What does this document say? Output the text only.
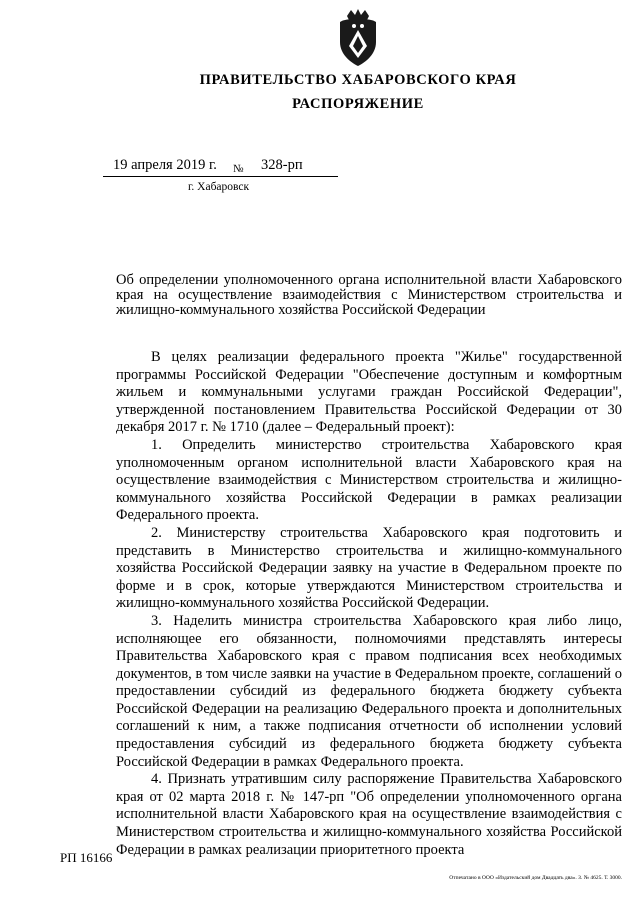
ПРАВИТЕЛЬСТВО ХАБАРОВСКОГО КРАЯ
РАСПОРЯЖЕНИЕ
19 апреля 2019 г. № 328-рп
г. Хабаровск

Об определении уполномоченного органа исполнительной власти Хабаровского края на осуществление взаимодействия с Министерством строительства и жилищно-коммунального хозяйства Российской Федерации

В целях реализации федерального проекта "Жилье" государственной программы Российской Федерации "Обеспечение доступным и комфортным жильем и коммунальными услугами граждан Российской Федерации", утвержденной постановлением Правительства Российской Федерации от 30 декабря 2017 г. № 1710 (далее – Федеральный проект):

1. Определить министерство строительства Хабаровского края уполномоченным органом исполнительной власти Хабаровского края на осуществление взаимодействия с Министерством строительства и жилищно-коммунального хозяйства Российской Федерации в рамках реализации Федерального проекта.

2. Министерству строительства Хабаровского края подготовить и представить в Министерство строительства и жилищно-коммунального хозяйства Российской Федерации заявку на участие в Федеральном проекте по форме и в срок, которые утверждаются Министерством строительства и жилищно-коммунального хозяйства Российской Федерации.

3. Наделить министра строительства Хабаровского края либо лицо, исполняющее его обязанности, полномочиями представлять интересы Правительства Хабаровского края с правом подписания всех необходимых документов, в том числе заявки на участие в Федеральном проекте, соглашений о предоставлении субсидий из федерального бюджета бюджету субъекта Российской Федерации на реализацию Федерального проекта и дополнительных соглашений к ним, а также подписания отчетности об исполнении условий предоставления субсидий из федерального бюджета бюджету субъекта Российской Федерации в рамках Федерального проекта.

4. Признать утратившим силу распоряжение Правительства Хабаровского края от 02 марта 2018 г. № 147-рп "Об определении уполномоченного органа исполнительной власти Хабаровского края на осуществление взаимодействия с Министерством строительства и жилищно-коммунального хозяйства Российской Федерации в рамках реализации приоритетного проекта

РП 16166
Отпечатано в ООО «Издательский дом Двадцать два». З. № 4625. Т. 3000.
